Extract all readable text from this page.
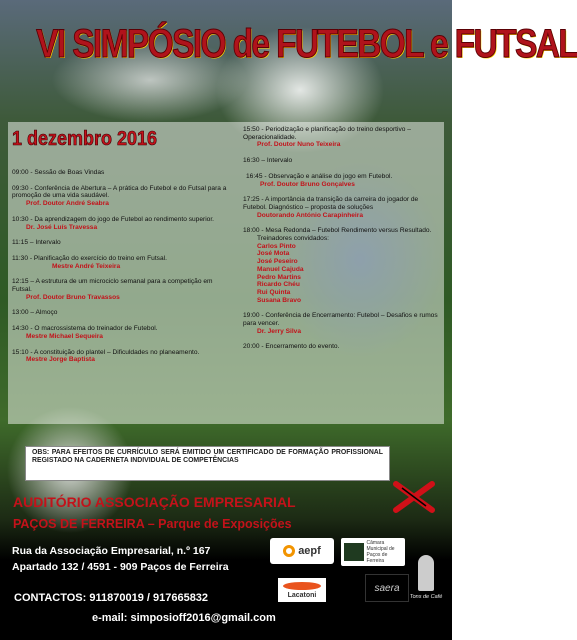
VI SIMPÓSIO de FUTEBOL e FUTSAL
1 dezembro 2016
09:00 - Sessão de Boas Vindas
09:30 - Conferência de Abertura – A prática do Futebol e do Futsal para a promoção de uma vida saudável.
Prof. Doutor André Seabra
10:30 - Da aprendizagem do jogo de Futebol ao rendimento superior.
Dr. José Luís Travessa
11:15 – Intervalo
11:30 - Planificação do exercício do treino em Futsal.
Mestre André Teixeira
12:15 – A estrutura de um microciclo semanal para a competição em Futsal.
Prof. Doutor Bruno Travassos
13:00 – Almoço
14:30 - O macrossistema do treinador de Futebol.
Mestre Michael Sequeira
15:10 - A constituição do plantel – Dificuldades no planeamento.
Mestre Jorge Baptista
15:50 - Periodização e planificação do treino desportivo – Operacionalidade.
Prof. Doutor Nuno Teixeira
16:30 – Intervalo
16:45 - Observação e análise do jogo em Futebol.
Prof. Doutor Bruno Gonçalves
17:25 - A importância da transição da carreira do jogador de Futebol. Diagnóstico – proposta de soluções
Doutorando António Carapinheira
18:00 - Mesa Redonda – Futebol Rendimento versus Resultado.
Treinadores convidados:
Carlos Pinto
José Mota
José Peseiro
Manuel Cajuda
Pedro Martins
Ricardo Chéu
Rui Quinta
Susana Bravo
19:00 - Conferência de Encerramento: Futebol – Desafios e rumos para vencer.
Dr. Jerry Silva
20:00 - Encerramento do evento.
OBS: PARA EFEITOS DE CURRÍCULO SERÁ EMITIDO UM CERTIFICADO DE FORMAÇÃO PROFISSIONAL REGISTADO NA CADERNETA INDIVIDUAL DE COMPETÊNCIAS
AUDITÓRIO ASSOCIAÇÃO EMPRESARIAL
PAÇOS DE FERREIRA – Parque de Exposições
Rua da Associação Empresarial, n.º 167
Apartado 132 / 4591 - 909 Paços de Ferreira
CONTACTOS: 911870019 / 917665832
e-mail: simposioff2016@gmail.com
aepf
Câmara Municipal de Paços de Ferreira
Lacatoni
saera
Tons de Café
